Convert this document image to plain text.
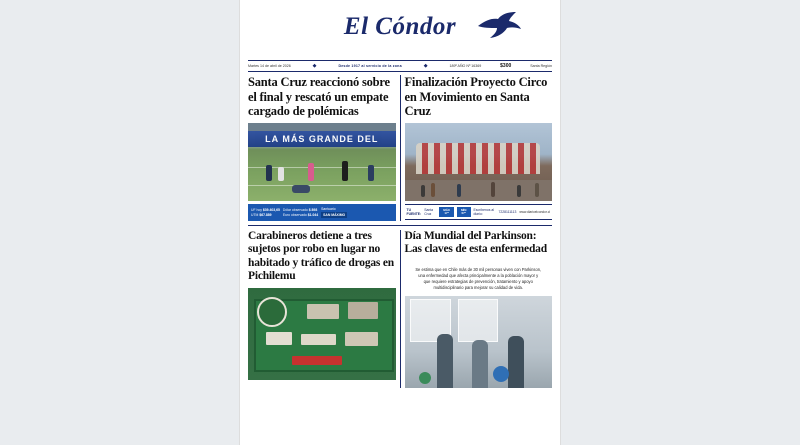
El Cóndor
Martes 14 de abril de 2026	◆	Desde 1917 al servicio de la zona	◆	189º AÑO Nº 16369	$300	Santa Región
Santa Cruz reaccionó sobre el final y rescató un empate cargado de polémicas
LA MÁS GRANDE DEL
UF hoy $39.403,65
UTM $67.889
Dólar observado $ 898
Euro observado $1.044
Santuario
SAN MÁXIMO
Finalización Proyecto Circo en Movimiento en Santa Cruz
TU FUENTE:
Santa Cruz
MÁX 17º
MÍN 07º
Escríbenos al diario:	7228111113 www.diarioelcondor.cl
Carabineros detiene a tres sujetos por robo en lugar no habitado y tráfico de drogas en Pichilemu
Día Mundial del Parkinson: Las claves de esta enfermedad
Se estima que en Chile más de 30 mil personas viven con Parkinson, una enfermedad que afecta principalmente a la población mayor y que requiere estrategias de prevención, tratamiento y apoyo multidisciplinario para mejorar su calidad de vida.
